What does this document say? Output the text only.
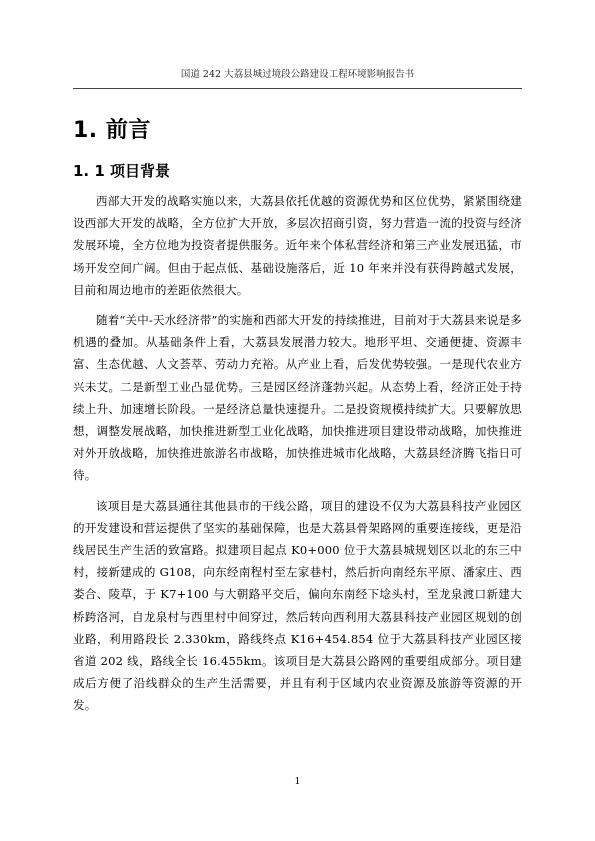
国道 242 大荔县城过境段公路建设工程环境影响报告书
1. 前言
1. 1 项目背景

西部大开发的战略实施以来，大荔县依托优越的资源优势和区位优势，紧紧围绕建设西部大开发的战略，全方位扩大开放，多层次招商引资，努力营造一流的投资与经济发展环境，全方位地为投资者提供服务。近年来个体私营经济和第三产业发展迅猛，市场开发空间广阔。但由于起点低、基础设施落后，近 10 年来并没有获得跨越式发展，目前和周边地市的差距依然很大。

随着“关中-天水经济带”的实施和西部大开发的持续推进，目前对于大荔县来说是多机遇的叠加。从基础条件上看，大荔县发展潜力较大。地形平坦、交通便捷、资源丰富、生态优越、人文荟萃、劳动力充裕。从产业上看，后发优势较强。一是现代农业方兴未艾。二是新型工业凸显优势。三是园区经济蓬勃兴起。从态势上看，经济正处于持续上升、加速增长阶段。一是经济总量快速提升。二是投资规模持续扩大。只要解放思想，调整发展战略，加快推进新型工业化战略，加快推进项目建设带动战略，加快推进对外开放战略，加快推进旅游名市战略，加快推进城市化战略，大荔县经济腾飞指日可待。

该项目是大荔县通往其他县市的干线公路，项目的建设不仅为大荔县科技产业园区的开发建设和营运提供了坚实的基础保障，也是大荔县骨架路网的重要连接线，更是沿线居民生产生活的致富路。拟建项目起点 K0+000 位于大荔县城规划区以北的东三中村，接新建成的 G108，向东经南程村至左家巷村，然后折向南经东平原、潘家庄、西娄合、陵草，于 K7+100 与大朝路平交后，偏向东南经下埝头村，至龙泉渡口新建大桥跨洛河，自龙泉村与西里村中间穿过，然后转向西利用大荔县科技产业园区规划的创业路，利用路段长 2.330km，路线终点 K16+454.854 位于大荔县科技产业园区接省道 202 线，路线全长 16.455km。该项目是大荔县公路网的重要组成部分。项目建成后方便了沿线群众的生产生活需要，并且有利于区域内农业资源及旅游等资源的开发。

1
